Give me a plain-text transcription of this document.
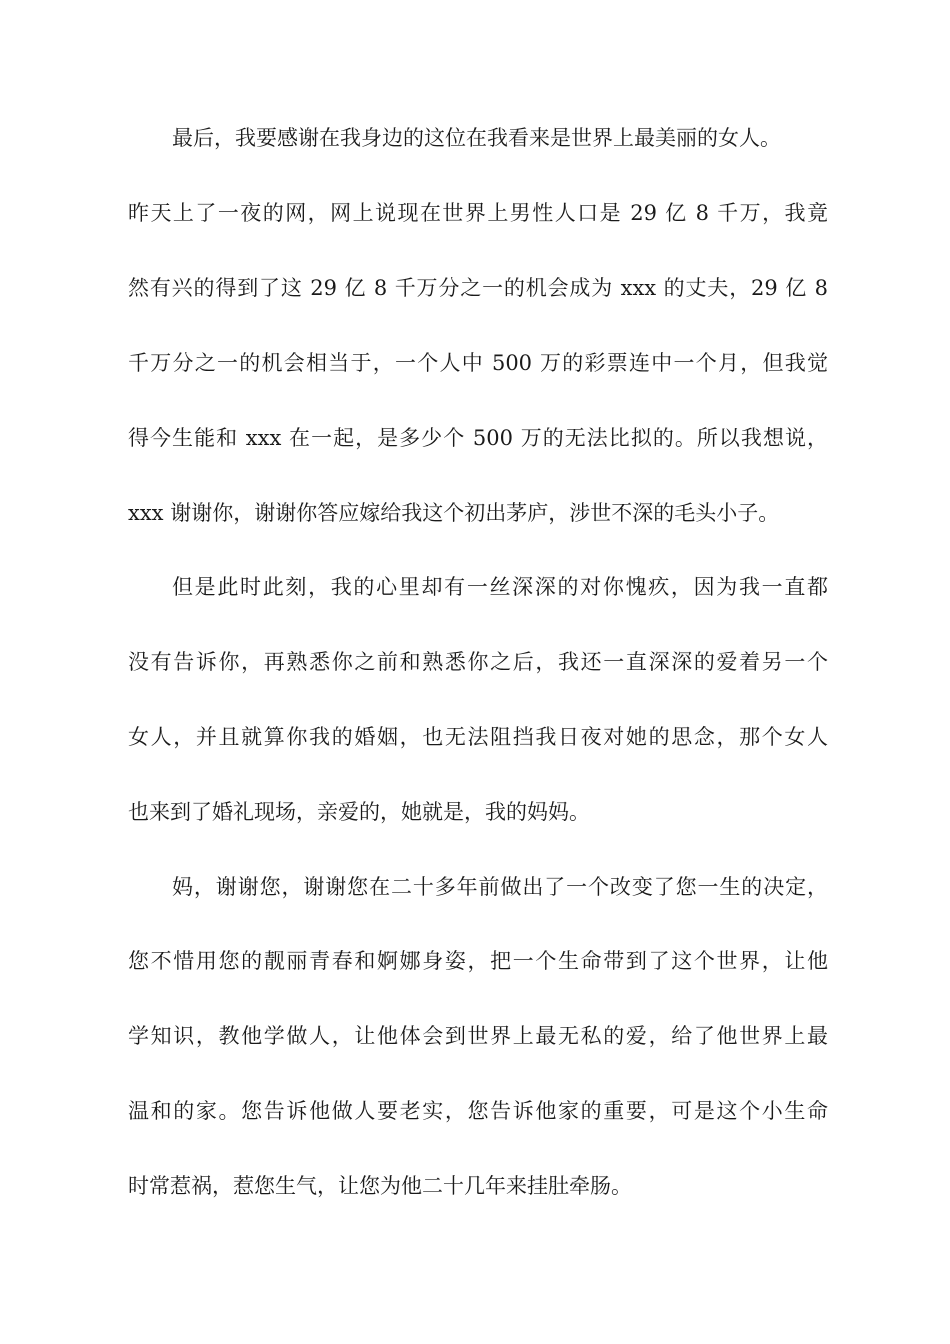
最后，我要感谢在我身边的这位在我看来是世界上最美丽的女人。
昨天上了一夜的网，网上说现在世界上男性人口是 29 亿 8 千万，我竟
然有兴的得到了这 29 亿 8 千万分之一的机会成为 xxx 的丈夫，29 亿 8
千万分之一的机会相当于，一个人中 500 万的彩票连中一个月，但我觉
得今生能和 xxx 在一起，是多少个 500 万的无法比拟的。所以我想说，
xxx 谢谢你，谢谢你答应嫁给我这个初出茅庐，涉世不深的毛头小子。
但是此时此刻，我的心里却有一丝深深的对你愧疚，因为我一直都
没有告诉你，再熟悉你之前和熟悉你之后，我还一直深深的爱着另一个
女人，并且就算你我的婚姻，也无法阻挡我日夜对她的思念，那个女人
也来到了婚礼现场，亲爱的，她就是，我的妈妈。
妈，谢谢您，谢谢您在二十多年前做出了一个改变了您一生的决定，
您不惜用您的靓丽青春和婀娜身姿，把一个生命带到了这个世界，让他
学知识，教他学做人，让他体会到世界上最无私的爱，给了他世界上最
温和的家。您告诉他做人要老实，您告诉他家的重要，可是这个小生命
时常惹祸，惹您生气，让您为他二十几年来挂肚牵肠。
